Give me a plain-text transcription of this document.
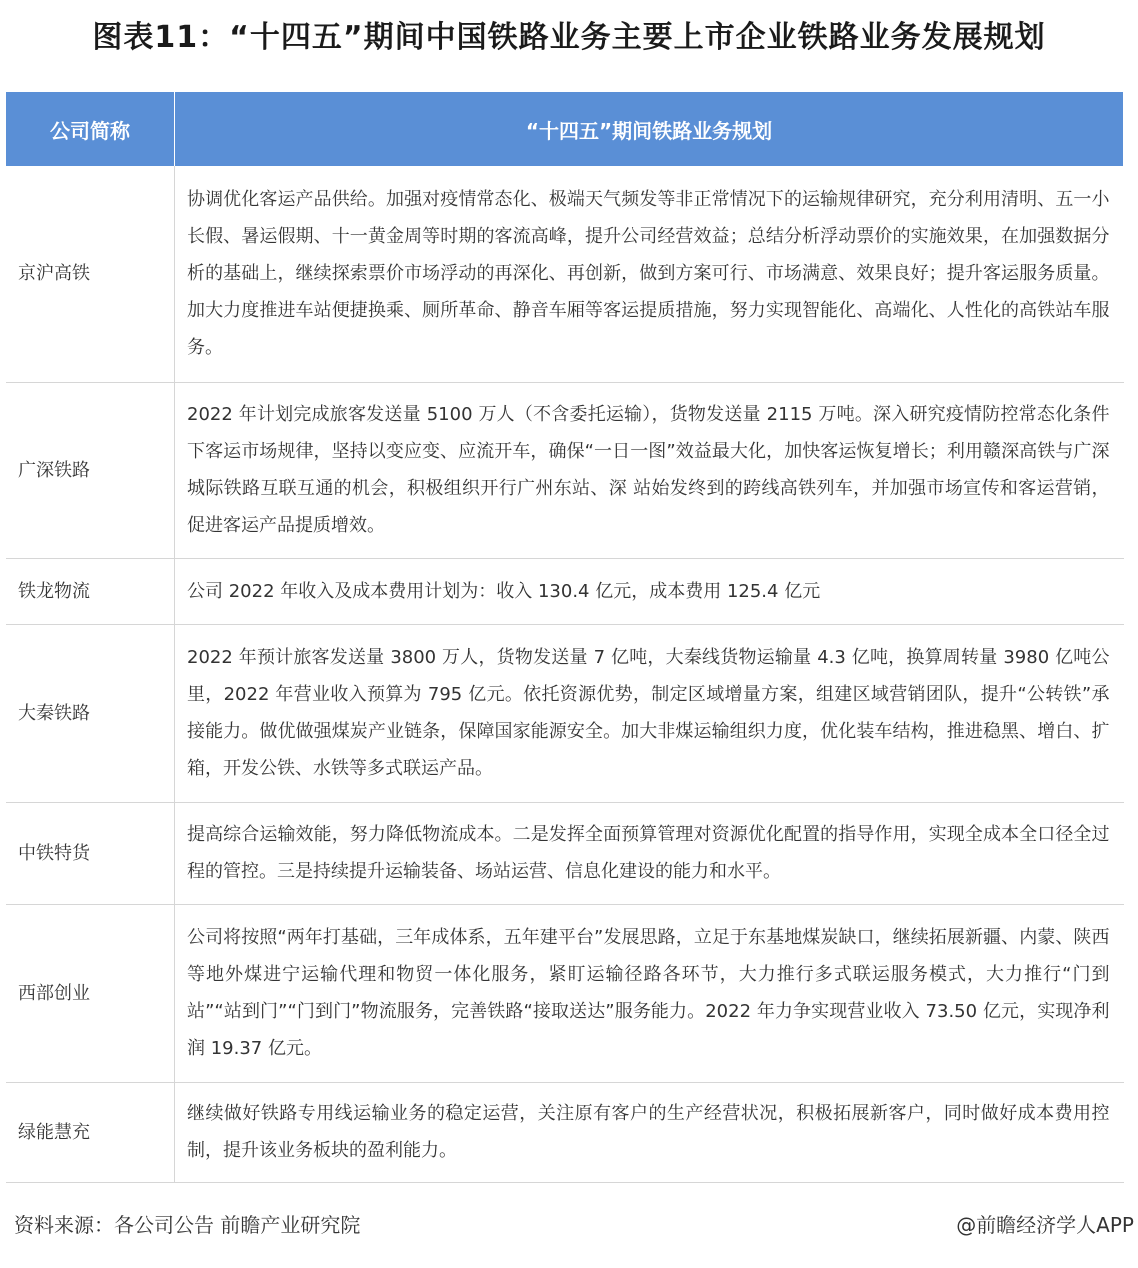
图表11：“十四五”期间中国铁路业务主要上市企业铁路业务发展规划
公司简称	“十四五”期间铁路业务规划
京沪高铁	协调优化客运产品供给。加强对疫情常态化、极端天气频发等非正常情况下的运输规律研究，充分利用清明、五一小长假、暑运假期、十一黄金周等时期的客流高峰，提升公司经营效益；总结分析浮动票价的实施效果，在加强数据分析的基础上，继续探索票价市场浮动的再深化、再创新，做到方案可行、市场满意、效果良好；提升客运服务质量。加大力度推进车站便捷换乘、厕所革命、静音车厢等客运提质措施，努力实现智能化、高端化、人性化的高铁站车服务。
广深铁路	2022 年计划完成旅客发送量 5100 万人（不含委托运输），货物发送量 2115 万吨。深入研究疫情防控常态化条件下客运市场规律，坚持以变应变、应流开车，确保“一日一图”效益最大化，加快客运恢复增长；利用赣深高铁与广深城际铁路互联互通的机会，积极组织开行广州东站、深 站始发终到的跨线高铁列车，并加强市场宣传和客运营销，促进客运产品提质增效。
铁龙物流	公司 2022 年收入及成本费用计划为：收入 130.4 亿元，成本费用 125.4 亿元
大秦铁路	2022 年预计旅客发送量 3800 万人，货物发送量 7 亿吨，大秦线货物运输量 4.3 亿吨，换算周转量 3980 亿吨公里，2022 年营业收入预算为 795 亿元。依托资源优势，制定区域增量方案，组建区域营销团队，提升“公转铁”承接能力。做优做强煤炭产业链条，保障国家能源安全。加大非煤运输组织力度，优化装车结构，推进稳黑、增白、扩箱，开发公铁、水铁等多式联运产品。
中铁特货	提高综合运输效能，努力降低物流成本。二是发挥全面预算管理对资源优化配置的指导作用，实现全成本全口径全过程的管控。三是持续提升运输装备、场站运营、信息化建设的能力和水平。
西部创业	公司将按照“两年打基础，三年成体系，五年建平台”发展思路，立足于东基地煤炭缺口，继续拓展新疆、内蒙、陕西等地外煤进宁运输代理和物贸一体化服务，紧盯运输径路各环节，大力推行多式联运服务模式，大力推行“门到站”“站到门”“门到门”物流服务，完善铁路“接取送达”服务能力。2022 年力争实现营业收入 73.50 亿元，实现净利润 19.37 亿元。
绿能慧充	继续做好铁路专用线运输业务的稳定运营，关注原有客户的生产经营状况，积极拓展新客户，同时做好成本费用控制，提升该业务板块的盈利能力。
资料来源：各公司公告 前瞻产业研究院	@前瞻经济学人APP
